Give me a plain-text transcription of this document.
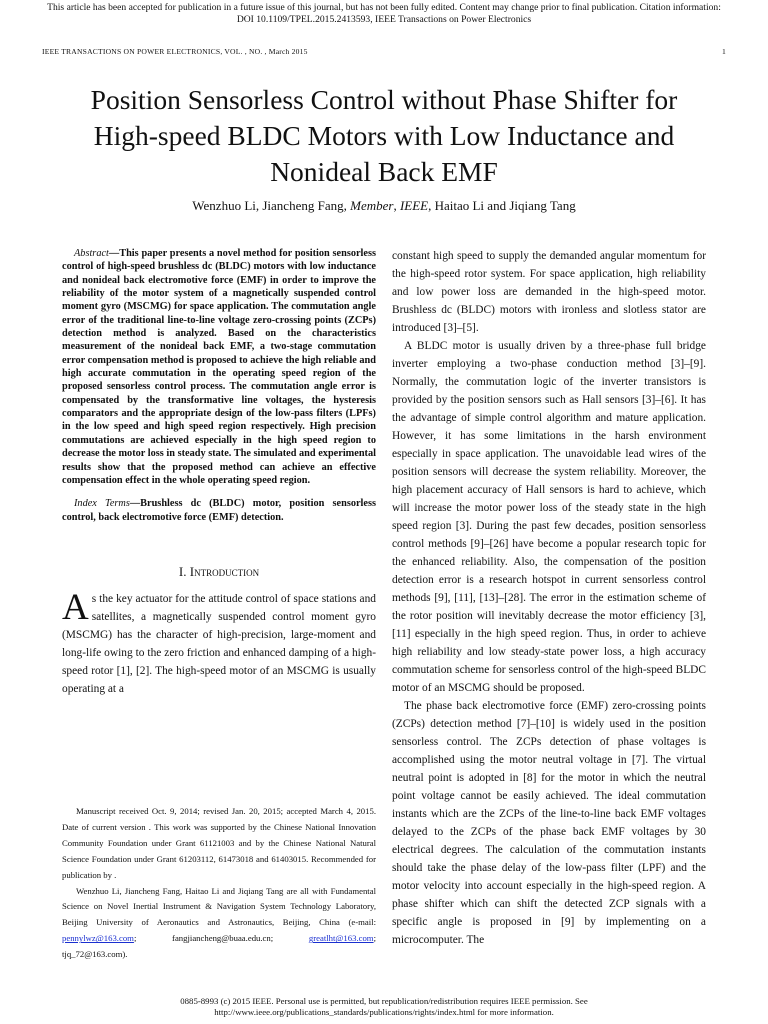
This article has been accepted for publication in a future issue of this journal, but has not been fully edited. Content may change prior to final publication. Citation information:
DOI 10.1109/TPEL.2015.2413593, IEEE Transactions on Power Electronics
IEEE TRANSACTIONS ON POWER ELECTRONICS, VOL. , NO. , March 2015	1
Position Sensorless Control without Phase Shifter for
High-speed BLDC Motors with Low Inductance and
Nonideal Back EMF
Wenzhuo Li, Jiancheng Fang, Member, IEEE, Haitao Li and Jiqiang Tang

Abstract—This paper presents a novel method for position sensorless control of high-speed brushless dc (BLDC) motors with low inductance and nonideal back electromotive force (EMF) in order to improve the reliability of the motor system of a magnetically suspended control moment gyro (MSCMG) for space application. The commutation angle error of the traditional line-to-line voltage zero-crossing points (ZCPs) detection method is analyzed. Based on the characteristics measurement of the nonideal back EMF, a two-stage commutation error compensation method is proposed to achieve the high reliable and high accurate commutation in the operating speed region of the proposed sensorless control process. The commutation angle error is compensated by the transformative line voltages, the hysteresis comparators and the appropriate design of the low-pass filters (LPFs) in the low speed and high speed region respectively. High precision commutations are achieved especially in the high speed region to decrease the motor loss in steady state. The simulated and experimental results show that the proposed method can achieve an effective compensation effect in the whole operating speed region.

Index Terms—Brushless dc (BLDC) motor, position sensorless control, back electromotive force (EMF) detection.

I. Introduction

As the key actuator for the attitude control of space stations and satellites, a magnetically suspended control moment gyro (MSCMG) has the character of high-precision, large-moment and long-life owing to the zero friction and enhanced damping of a high-speed rotor [1], [2]. The high-speed motor of an MSCMG is usually operating at a

Manuscript received Oct. 9, 2014; revised Jan. 20, 2015; accepted March 4, 2015. Date of current version . This work was supported by the Chinese National Innovation Community Foundation under Grant 61121003 and by the Chinese National Natural Science Foundation under Grant 61203112, 61473018 and 61403015. Recommended for publication by .

Wenzhuo Li, Jiancheng Fang, Haitao Li and Jiqiang Tang are all with Fundamental Science on Novel Inertial Instrument & Navigation System Technology Laboratory, Beijing University of Aeronautics and Astronautics, Beijing, China (e-mail: pennylwz@163.com; fangjiancheng@buaa.edu.cn; greatlht@163.com; tjq_72@163.com).

constant high speed to supply the demanded angular momentum for the high-speed rotor system. For space application, high reliability and low power loss are demanded in the high-speed motor. Brushless dc (BLDC) motors with ironless and slotless stator are introduced [3]–[5].

A BLDC motor is usually driven by a three-phase full bridge inverter employing a two-phase conduction method [3]–[9]. Normally, the commutation logic of the inverter transistors is provided by the position sensors such as Hall sensors [3]–[6]. It has the advantage of simple control algorithm and mature application. However, it has some limitations in the harsh environment especially in space application. The unavoidable lead wires of the position sensors will decrease the system reliability. Moreover, the high placement accuracy of Hall sensors is hard to achieve, which will increase the motor power loss of the steady state in the high speed region [3]. During the past few decades, position sensorless control methods [9]–[26] have become a popular research topic for the enhanced reliability. Also, the compensation of the position detection error is a research hotspot in current sensorless control methods [9], [11], [13]–[28]. The error in the estimation scheme of the rotor position will inevitably decrease the motor efficiency [3], [11] especially in the high speed region. Thus, in order to achieve high reliability and low steady-state power loss, a high accuracy commutation scheme for sensorless control of the high-speed BLDC motor of an MSCMG should be proposed.

The phase back electromotive force (EMF) zero-crossing points (ZCPs) detection method [7]–[10] is widely used in the position sensorless control. The ZCPs detection of phase voltages is accomplished using the motor neutral voltage in [7]. The virtual neutral point is adopted in [8] for the motor in which the neutral point voltage cannot be easily achieved. The ideal commutation instants which are the ZCPs of the line-to-line back EMF voltages delayed to the ZCPs of the phase back EMF voltages by 30 electrical degrees. The calculation of the commutation instants should take the phase delay of the low-pass filter (LPF) and the motor velocity into account especially in the high-speed region. A phase shifter which can shift the detected ZCP signals with a specific angle is proposed in [9] by implementing on a microcomputer. The

0885-8993 (c) 2015 IEEE. Personal use is permitted, but republication/redistribution requires IEEE permission. See
http://www.ieee.org/publications_standards/publications/rights/index.html for more information.
